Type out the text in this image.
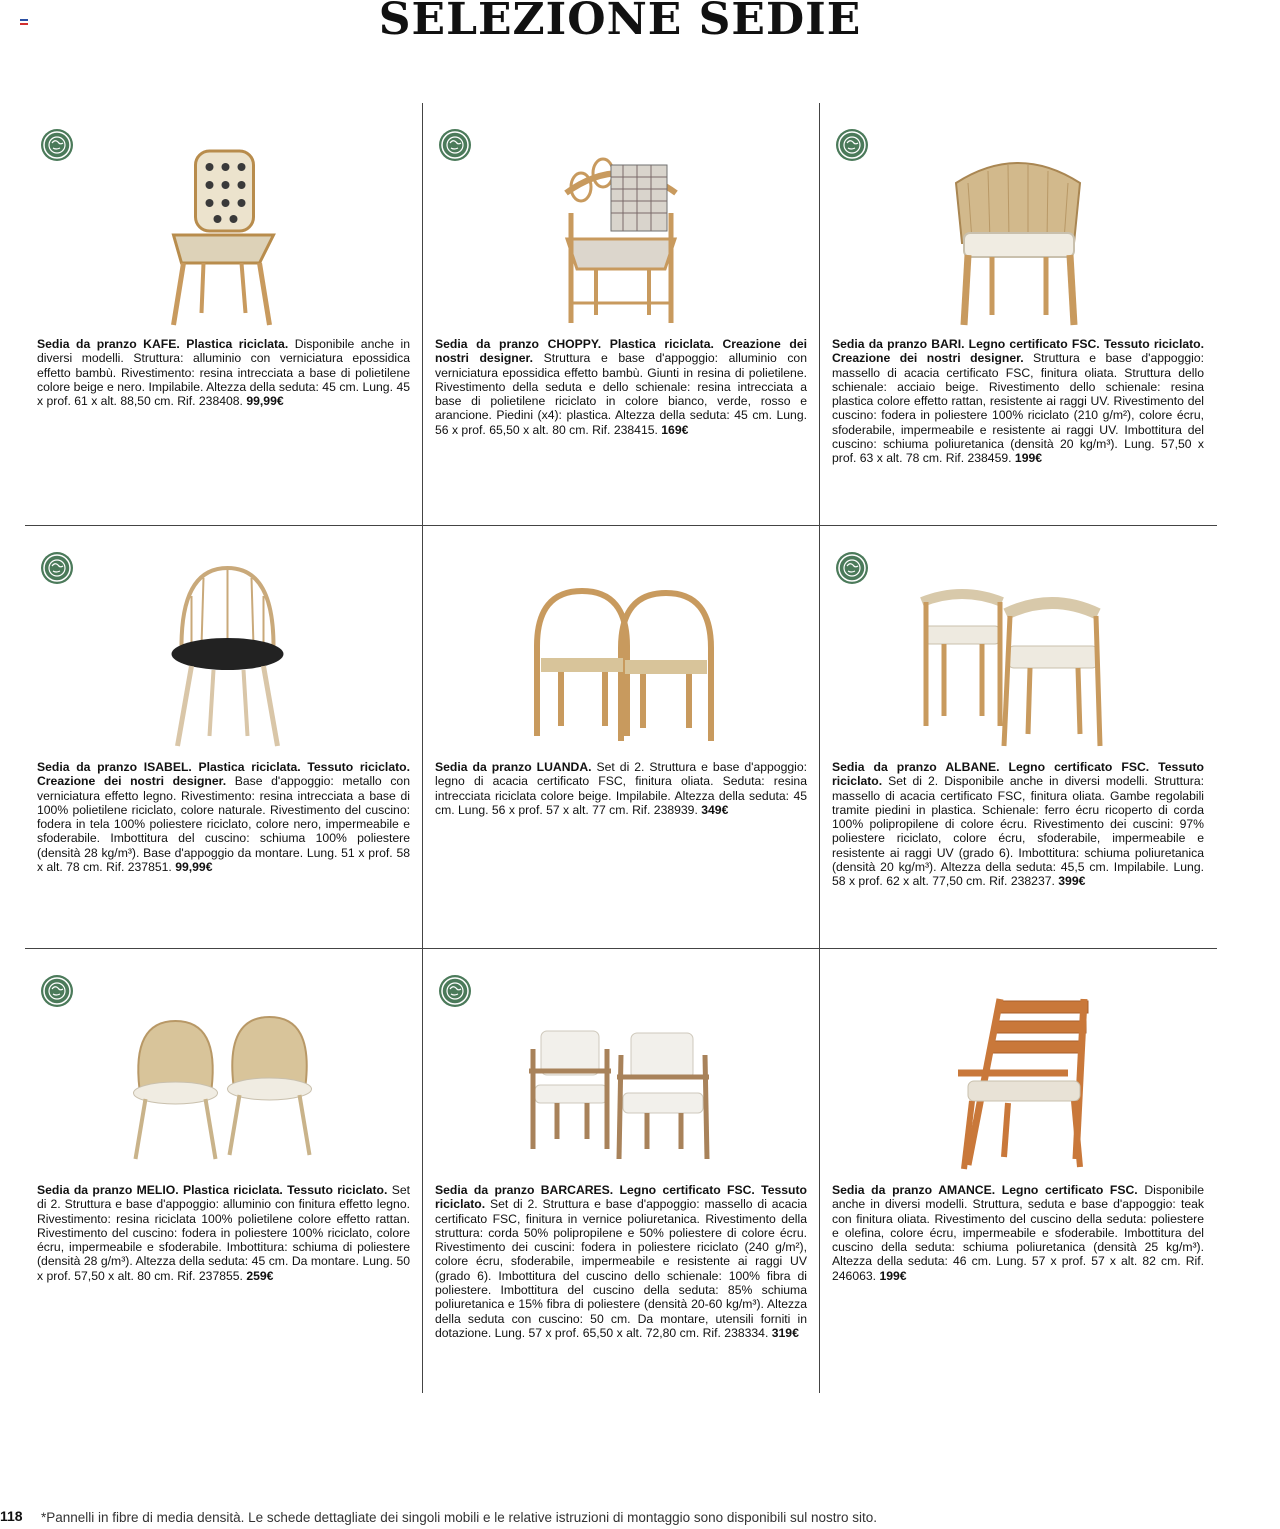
SELEZIONE SEDIE
Sedia da pranzo KAFE. Plastica riciclata. Disponibile anche in diversi modelli. Struttura: alluminio con verniciatura epossidica effetto bambù. Rivestimento: resina intrecciata a base di polietilene colore beige e nero. Impilabile. Altezza della seduta: 45 cm. Lung. 45 x prof. 61 x alt. 88,50 cm. Rif. 238408. 99,99€
Sedia da pranzo CHOPPY. Plastica riciclata. Creazione dei nostri designer. Struttura e base d'appoggio: alluminio con verniciatura epossidica effetto bambù. Giunti in resina di polietilene. Rivestimento della seduta e dello schienale: resina intrecciata a base di polietilene riciclato in colore bianco, verde, rosso e arancione. Piedini (x4): plastica. Altezza della seduta: 45 cm. Lung. 56 x prof. 65,50 x alt. 80 cm. Rif. 238415. 169€
Sedia da pranzo BARI. Legno certificato FSC. Tessuto riciclato. Creazione dei nostri designer. Struttura e base d'appoggio: massello di acacia certificato FSC, finitura oliata. Struttura dello schienale: acciaio beige. Rivestimento dello schienale: resina plastica colore effetto rattan, resistente ai raggi UV. Rivestimento del cuscino: fodera in poliestere 100% riciclato (210 g/m²), colore écru, sfoderabile, impermeabile e resistente ai raggi UV. Imbottitura del cuscino: schiuma poliuretanica (densità 20 kg/m³). Lung. 57,50 x prof. 63 x alt. 78 cm. Rif. 238459. 199€
Sedia da pranzo ISABEL. Plastica riciclata. Tessuto riciclato. Creazione dei nostri designer. Base d'appoggio: metallo con verniciatura effetto legno. Rivestimento: resina intrecciata a base di 100% polietilene riciclato, colore naturale. Rivestimento del cuscino: fodera in tela 100% poliestere riciclato, colore nero, impermeabile e sfoderabile. Imbottitura del cuscino: schiuma 100% poliestere (densità 28 kg/m³). Base d'appoggio da montare. Lung. 51 x prof. 58 x alt. 78 cm. Rif. 237851. 99,99€
Sedia da pranzo LUANDA. Set di 2. Struttura e base d'appoggio: legno di acacia certificato FSC, finitura oliata. Seduta: resina intrecciata riciclata colore beige. Impilabile. Altezza della seduta: 45 cm. Lung. 56 x prof. 57 x alt. 77 cm. Rif. 238939. 349€
Sedia da pranzo ALBANE. Legno certificato FSC. Tessuto riciclato. Set di 2. Disponibile anche in diversi modelli. Struttura: massello di acacia certificato FSC, finitura oliata. Gambe regolabili tramite piedini in plastica. Schienale: ferro écru ricoperto di corda 100% polipropilene di colore écru. Rivestimento dei cuscini: 97% poliestere riciclato, colore écru, sfoderabile, impermeabile e resistente ai raggi UV (grado 6). Imbottitura: schiuma poliuretanica (densità 20 kg/m³). Altezza della seduta: 45,5 cm. Impilabile. Lung. 58 x prof. 62 x alt. 77,50 cm. Rif. 238237. 399€
Sedia da pranzo MELIO. Plastica riciclata. Tessuto riciclato. Set di 2. Struttura e base d'appoggio: alluminio con finitura effetto legno. Rivestimento: resina riciclata 100% polietilene colore effetto rattan. Rivestimento del cuscino: fodera in poliestere 100% riciclato, colore écru, impermeabile e sfoderabile. Imbottitura: schiuma di poliestere (densità 28 g/m³). Altezza della seduta: 45 cm. Da montare. Lung. 50 x prof. 57,50 x alt. 80 cm. Rif. 237855. 259€
Sedia da pranzo BARCARES. Legno certificato FSC. Tessuto riciclato. Set di 2. Struttura e base d'appoggio: massello di acacia certificato FSC, finitura in vernice poliuretanica. Rivestimento della struttura: corda 50% polipropilene e 50% poliestere di colore écru. Rivestimento dei cuscini: fodera in poliestere riciclato (240 g/m²), colore écru, sfoderabile, impermeabile e resistente ai raggi UV (grado 6). Imbottitura del cuscino dello schienale: 100% fibra di poliestere. Imbottitura del cuscino della seduta: 85% schiuma poliuretanica e 15% fibra di poliestere (densità 20-60 kg/m³). Altezza della seduta con cuscino: 50 cm. Da montare, utensili forniti in dotazione. Lung. 57 x prof. 65,50 x alt. 72,80 cm. Rif. 238334. 319€
Sedia da pranzo AMANCE. Legno certificato FSC. Disponibile anche in diversi modelli. Struttura, seduta e base d'appoggio: teak con finitura oliata. Rivestimento del cuscino della seduta: poliestere e olefina, colore écru, impermeabile e sfoderabile. Imbottitura del cuscino della seduta: schiuma poliuretanica (densità 25 kg/m³). Altezza della seduta: 46 cm. Lung. 57 x prof. 57 x alt. 82 cm. Rif. 246063. 199€
118 *Pannelli in fibre di media densità. Le schede dettagliate dei singoli mobili e le relative istruzioni di montaggio sono disponibili sul nostro sito.
